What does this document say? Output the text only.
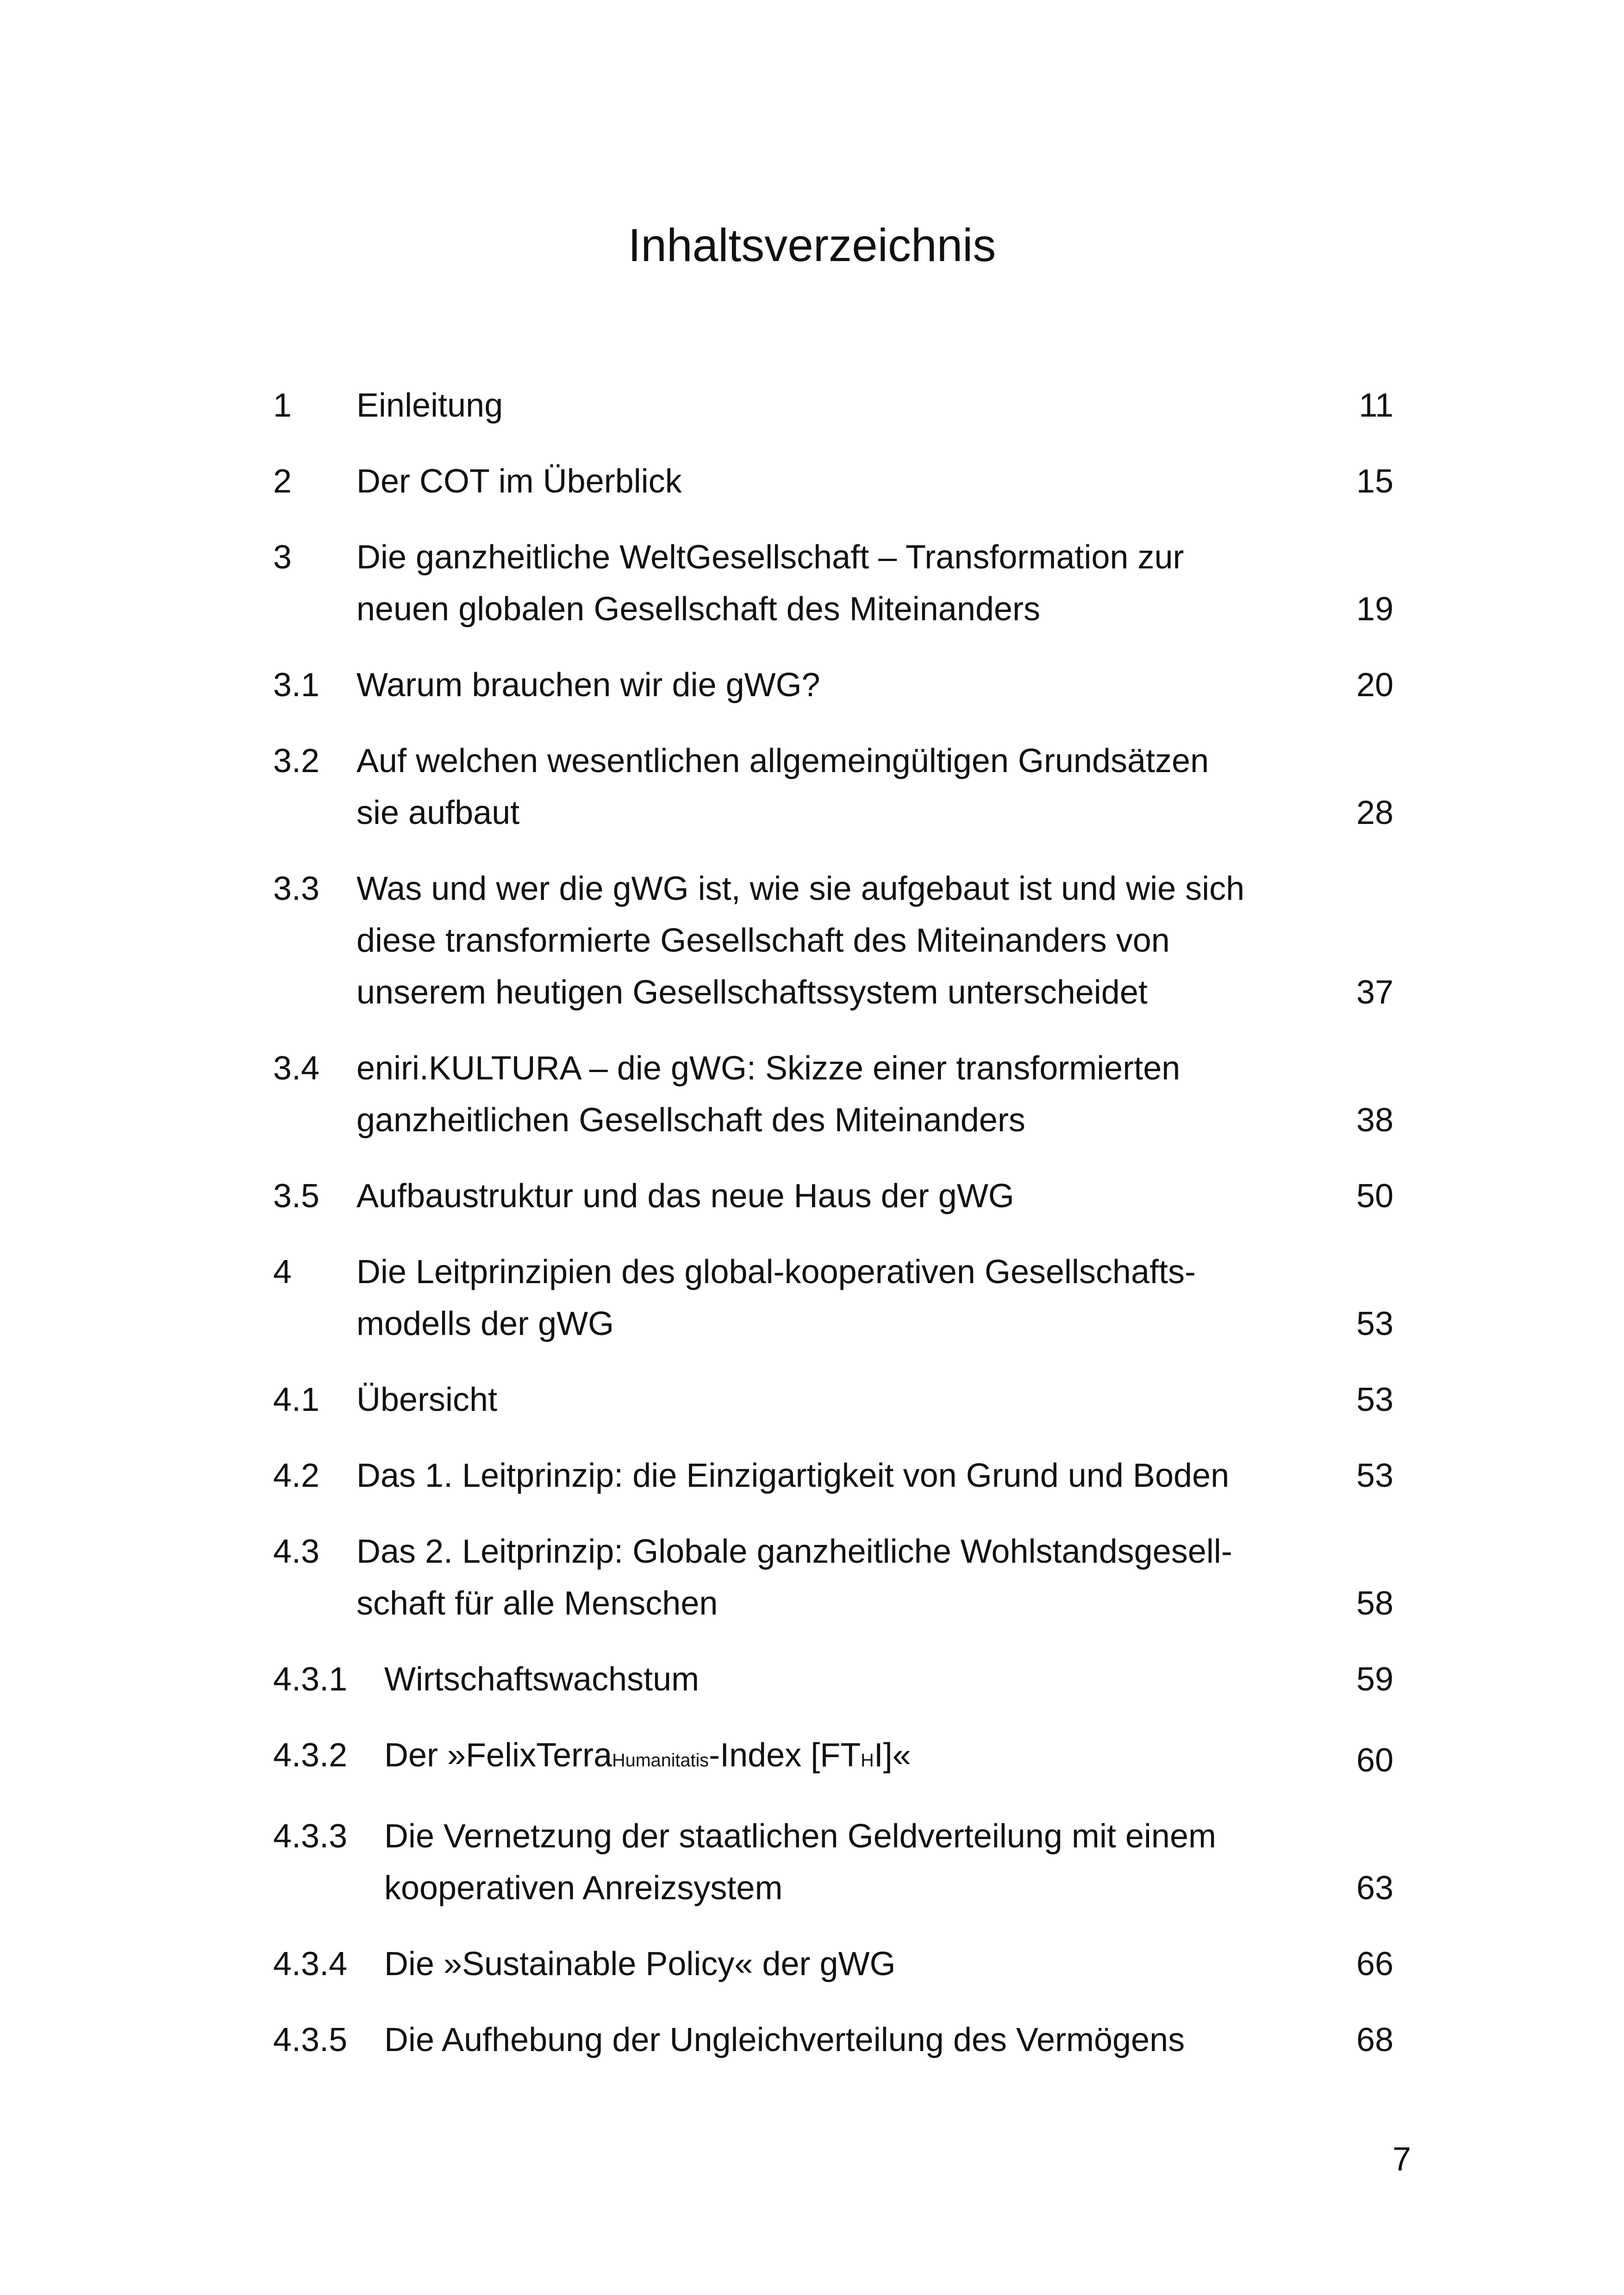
Inhaltsverzeichnis
1 Einleitung	11
2 Der COT im Überblick	15
3 Die ganzheitliche WeltGesellschaft – Transformation zur
neuen globalen Gesellschaft des Miteinanders	19
3.1 Warum brauchen wir die gWG?	20
3.2 Auf welchen wesentlichen allgemeingültigen Grundsätzen
sie aufbaut	28
3.3 Was und wer die gWG ist, wie sie aufgebaut ist und wie sich
diese transformierte Gesellschaft des Miteinanders von
unserem heutigen Gesellschaftssystem unterscheidet	37
3.4 eniri.KULTURA – die gWG: Skizze einer transformierten
ganzheitlichen Gesellschaft des Miteinanders	38
3.5 Aufbaustruktur und das neue Haus der gWG	50
4 Die Leitprinzipien des global-kooperativen Gesellschafts-
modells der gWG	53
4.1 Übersicht	53
4.2 Das 1. Leitprinzip: die Einzigartigkeit von Grund und Boden	53
4.3 Das 2. Leitprinzip: Globale ganzheitliche Wohlstandsgesell-
schaft für alle Menschen	58
4.3.1 Wirtschaftswachstum	59
4.3.2 Der »FelixTerraHumanitatis-Index [FTHI]«	60
4.3.3 Die Vernetzung der staatlichen Geldverteilung mit einem
kooperativen Anreizsystem	63
4.3.4 Die »Sustainable Policy« der gWG	66
4.3.5 Die Aufhebung der Ungleichverteilung des Vermögens	68
7
